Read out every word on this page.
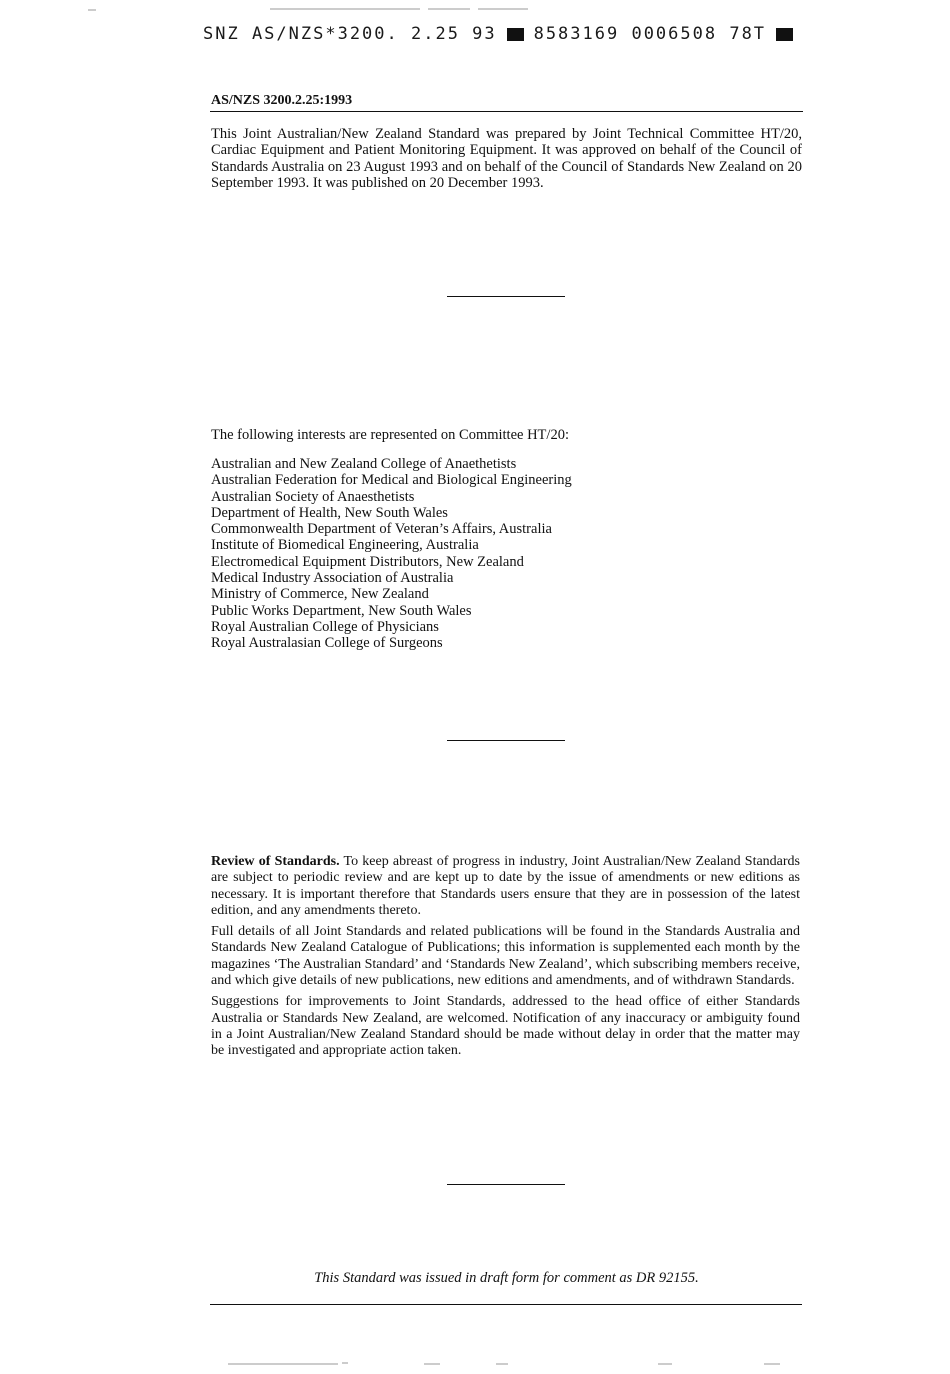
SNZ AS/NZS*3200. 2.25 93 8583169 0006508 78T
AS/NZS 3200.2.25:1993
This Joint Australian/New Zealand Standard was prepared by Joint Technical Committee HT/20, Cardiac Equipment and Patient Monitoring Equipment. It was approved on behalf of the Council of Standards Australia on 23 August 1993 and on behalf of the Council of Standards New Zealand on 20 September 1993. It was published on 20 December 1993.
The following interests are represented on Committee HT/20:
Australian and New Zealand College of Anaethetists
Australian Federation for Medical and Biological Engineering
Australian Society of Anaesthetists
Department of Health, New South Wales
Commonwealth Department of Veteran’s Affairs, Australia
Institute of Biomedical Engineering, Australia
Electromedical Equipment Distributors, New Zealand
Medical Industry Association of Australia
Ministry of Commerce, New Zealand
Public Works Department, New South Wales
Royal Australian College of Physicians
Royal Australasian College of Surgeons

Review of Standards. To keep abreast of progress in industry, Joint Australian/New Zealand Standards are subject to periodic review and are kept up to date by the issue of amendments or new editions as necessary. It is important therefore that Standards users ensure that they are in possession of the latest edition, and any amendments thereto.

Full details of all Joint Standards and related publications will be found in the Standards Australia and Standards New Zealand Catalogue of Publications; this information is supplemented each month by the magazines ‘The Australian Standard’ and ‘Standards New Zealand’, which subscribing members receive, and which give details of new publications, new editions and amendments, and of withdrawn Standards.

Suggestions for improvements to Joint Standards, addressed to the head office of either Standards Australia or Standards New Zealand, are welcomed. Notification of any inaccuracy or ambiguity found in a Joint Australian/New Zealand Standard should be made without delay in order that the matter may be investigated and appropriate action taken.

This Standard was issued in draft form for comment as DR 92155.
